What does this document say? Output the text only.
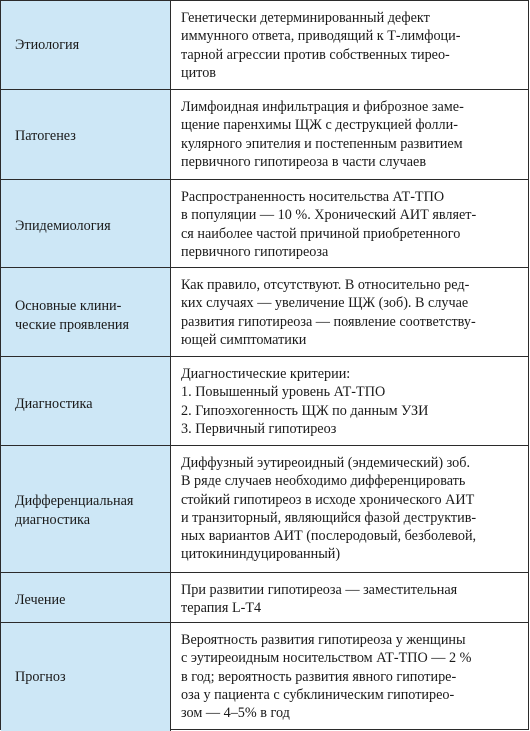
Этиология
Генетически детерминированный дефект
иммунного ответа, приводящий к Т-лимфоци-
тарной агрессии против собственных тирео-
цитов
Патогенез
Лимфоидная инфильтрация и фиброзное заме-
щение паренхимы ЩЖ с деструкцией фолли-
кулярного эпителия и постепенным развитием
первичного гипотиреоза в части случаев
Эпидемиология
Распространенность носительства АТ-ТПО
в популяции — 10 %. Хронический АИТ являет-
ся наиболее частой причиной приобретенного
первичного гипотиреоза
Основные клини-
ческие проявления
Как правило, отсутствуют. В относительно ред-
ких случаях — увеличение ЩЖ (зоб). В случае
развития гипотиреоза — появление соответству-
ющей симптоматики
Диагностика
Диагностические критерии:
1. Повышенный уровень АТ-ТПО
2. Гипоэхогенность ЩЖ по данным УЗИ
3. Первичный гипотиреоз
Дифференциальная
диагностика
Диффузный эутиреоидный (эндемический) зоб.
В ряде случаев необходимо дифференцировать
стойкий гипотиреоз в исходе хронического АИТ
и транзиторный, являющийся фазой деструктив-
ных вариантов АИТ (послеродовый, безболевой,
цитокининдуцированный)
Лечение
При развитии гипотиреоза — заместительная
терапия L-T4
Прогноз
Вероятность развития гипотиреоза у женщины
с эутиреоидным носительством АТ-ТПО — 2 %
в год; вероятность развития явного гипотире-
оза у пациента с субклиническим гипотиреo-
зом — 4–5% в год
